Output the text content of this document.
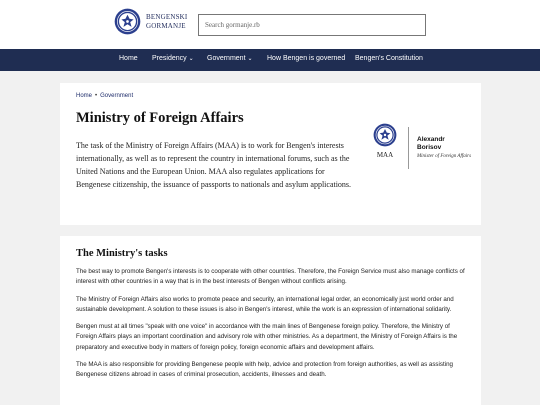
BENGENSKI
GORMANJE
Search gormanje.rb
Home Presidency ⌄ Government ⌄ How Bengen is governed Bengen's Constitution
Home • Government
Ministry of Foreign Affairs

The task of the Ministry of Foreign Affairs (MAA) is to work for Bengen's interests internationally, as well as to represent the country in international forums, such as the United Nations and the European Union. MAA also regulates applications for Bengenese citizenship, the issuance of passports to nationals and asylum applications.

MAA
Alexandr
Borisov
Minister of Foreign Affairs
The Ministry's tasks

The best way to promote Bengen's interests is to cooperate with other countries. Therefore, the Foreign Service must also manage conflicts of interest with other countries in a way that is in the best interests of Bengen without conflicts arising.

The Ministry of Foreign Affairs also works to promote peace and security, an international legal order, an economically just world order and sustainable development. A solution to these issues is also in Bengen's interest, while the work is an expression of international solidarity.

Bengen must at all times "speak with one voice" in accordance with the main lines of Bengenese foreign policy. Therefore, the Ministry of Foreign Affairs plays an important coordination and advisory role with other ministries. As a department, the Ministry of Foreign Affairs is the preparatory and executive body in matters of foreign policy, foreign economic affairs and development affairs.

The MAA is also responsible for providing Bengenese people with help, advice and protection from foreign authorities, as well as assisting Bengenese citizens abroad in cases of criminal prosecution, accidents, illnesses and death.
